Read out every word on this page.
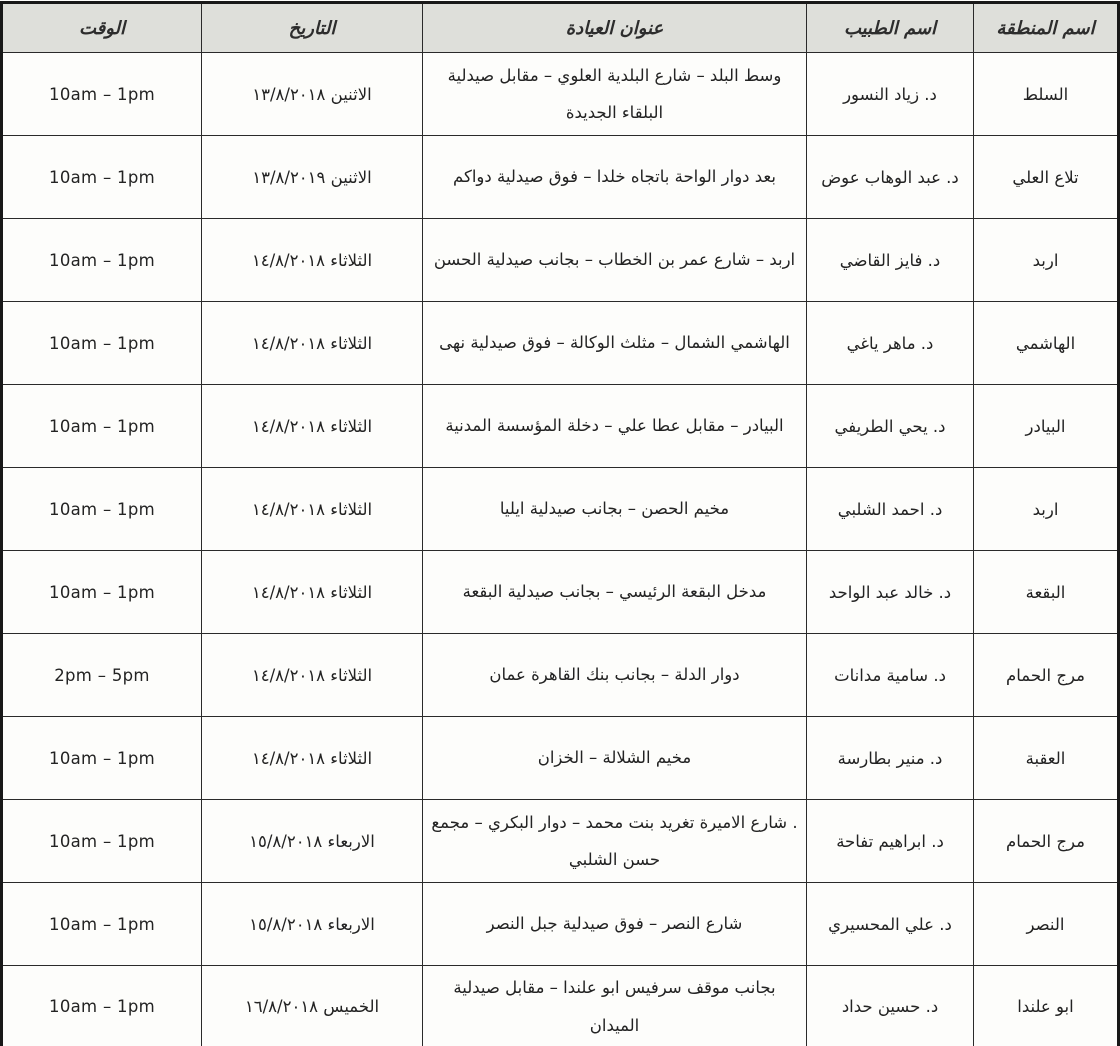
اسم المنطقة	اسم الطبيب	عنوان العيادة	التاريخ	الوقت
السلط	د. زياد النسور	وسط البلد – شارع البلدية العلوي – مقابل صيدلية البلقاء الجديدة	الاثنين ١٣/٨/٢٠١٨	10am – 1pm
تلاع العلي	د. عبد الوهاب عوض	بعد دوار الواحة باتجاه خلدا – فوق صيدلية دواكم	الاثنين ١٣/٨/٢٠١٩	10am – 1pm
اربد	د. فايز القاضي	اربد – شارع عمر بن الخطاب – بجانب صيدلية الحسن	الثلاثاء ١٤/٨/٢٠١٨	10am – 1pm
الهاشمي	د. ماهر ياغي	الهاشمي الشمال – مثلث الوكالة – فوق صيدلية نهى	الثلاثاء ١٤/٨/٢٠١٨	10am – 1pm
البيادر	د. يحي الطريفي	البيادر – مقابل عطا علي – دخلة المؤسسة المدنية	الثلاثاء ١٤/٨/٢٠١٨	10am – 1pm
اربد	د. احمد الشلبي	مخيم الحصن – بجانب صيدلية ايليا	الثلاثاء ١٤/٨/٢٠١٨	10am – 1pm
البقعة	د. خالد عبد الواحد	مدخل البقعة الرئيسي – بجانب صيدلية البقعة	الثلاثاء ١٤/٨/٢٠١٨	10am – 1pm
مرج الحمام	د. سامية مدانات	دوار الدلة – بجانب بنك القاهرة عمان	الثلاثاء ١٤/٨/٢٠١٨	2pm – 5pm
العقبة	د. منير بطارسة	مخيم الشلالة – الخزان	الثلاثاء ١٤/٨/٢٠١٨	10am – 1pm
مرج الحمام	د. ابراهيم تفاحة	. شارع الاميرة تغريد بنت محمد – دوار البكري – مجمع حسن الشلبي	الاربعاء ١٥/٨/٢٠١٨	10am – 1pm
النصر	د. علي المحسيري	شارع النصر – فوق صيدلية جبل النصر	الاربعاء ١٥/٨/٢٠١٨	10am – 1pm
ابو علندا	د. حسين حداد	بجانب موقف سرفيس ابو علندا – مقابل صيدلية الميدان	الخميس ١٦/٨/٢٠١٨	10am – 1pm
